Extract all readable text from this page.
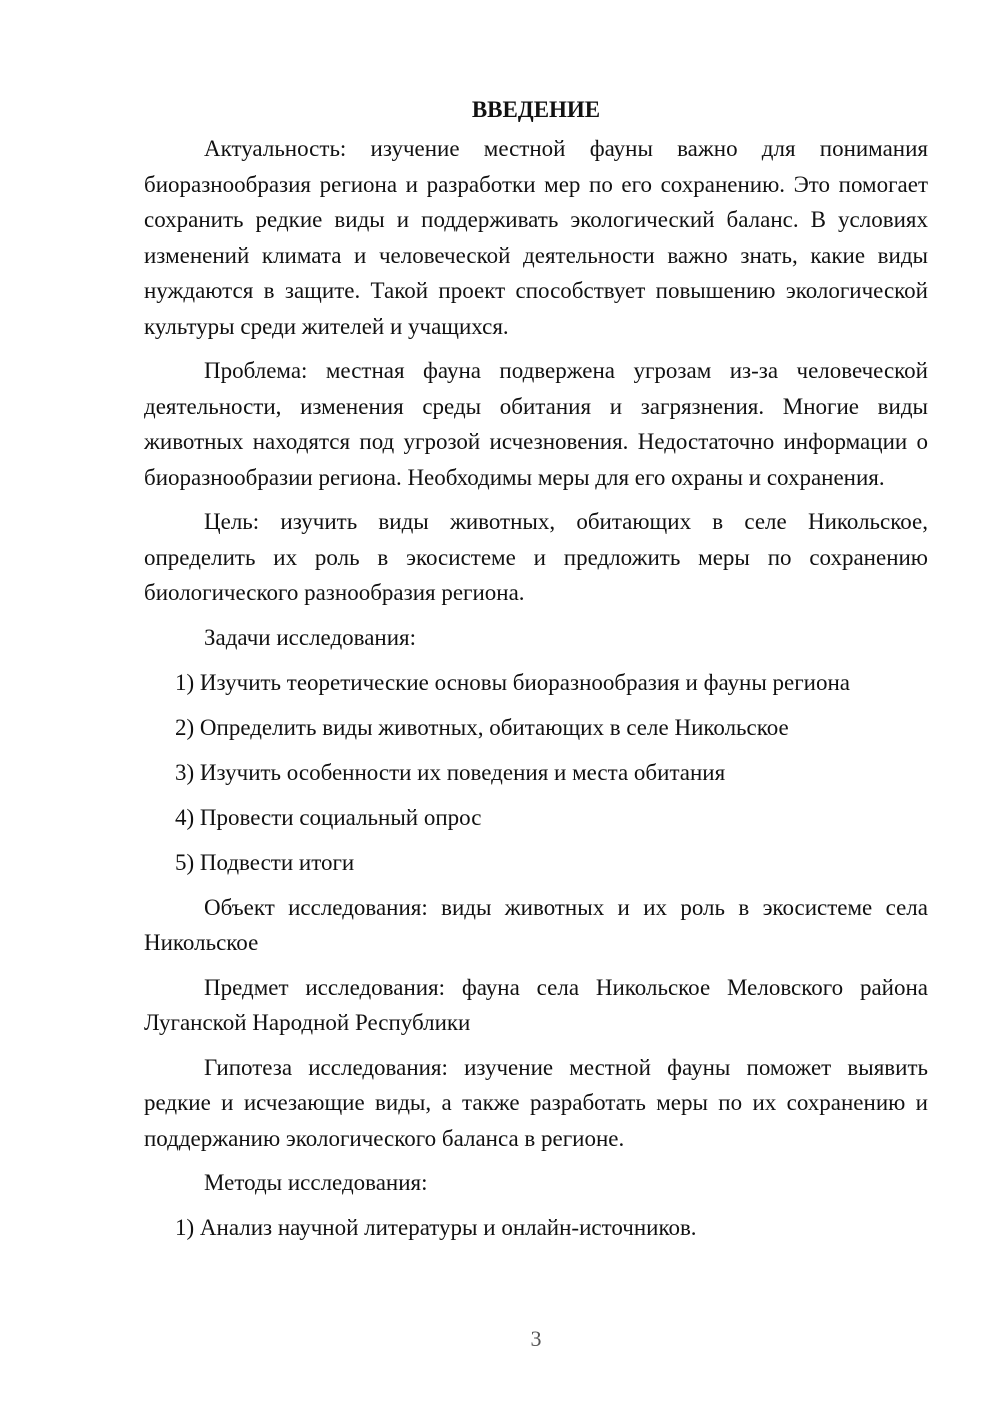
ВВЕДЕНИЕ

Актуальность: изучение местной фауны важно для понимания биоразнообразия региона и разработки мер по его сохранению. Это помогает сохранить редкие виды и поддерживать экологический баланс. В условиях изменений климата и человеческой деятельности важно знать, какие виды нуждаются в защите. Такой проект способствует повышению экологической культуры среди жителей и учащихся.

Проблема: местная фауна подвержена угрозам из-за человеческой деятельности, изменения среды обитания и загрязнения. Многие виды животных находятся под угрозой исчезновения. Недостаточно информации о биоразнообразии региона. Необходимы меры для его охраны и сохранения.

Цель: изучить виды животных, обитающих в селе Никольское, определить их роль в экосистеме и предложить меры по сохранению биологического разнообразия региона.

Задачи исследования:
1) Изучить теоретические основы биоразнообразия и фауны региона
2) Определить виды животных, обитающих в селе Никольское
3) Изучить особенности их поведения и места обитания
4) Провести социальный опрос
5) Подвести итоги

Объект исследования: виды животных и их роль в экосистеме села Никольское

Предмет исследования: фауна села Никольское Меловского района Луганской Народной Республики

Гипотеза исследования: изучение местной фауны поможет выявить редкие и исчезающие виды, а также разработать меры по их сохранению и поддержанию экологического баланса в регионе.

Методы исследования:
1) Анализ научной литературы и онлайн-источников.
3
